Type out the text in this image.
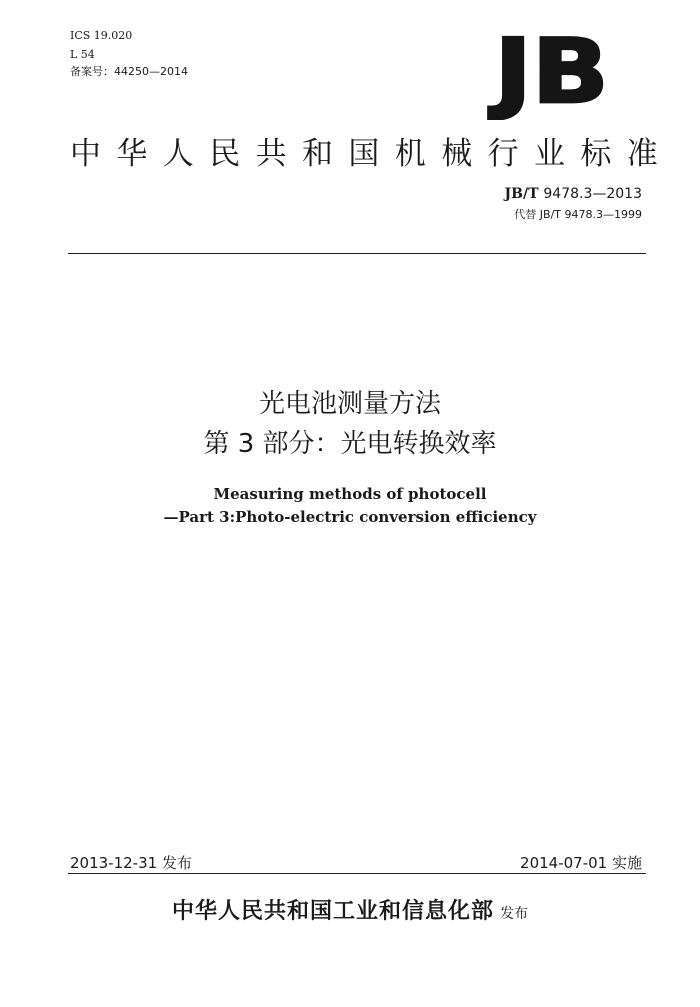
ICS 19.020
L 54
备案号：44250—2014	JB
中华人民共和国机械行业标准
JB/T 9478.3—2013
代替 JB/T 9478.3—1999
光电池测量方法
第 3 部分：光电转换效率
Measuring methods of photocell
—Part 3:Photo-electric conversion efficiency
2013-12-31 发布	2014-07-01 实施
中华人民共和国工业和信息化部 发布
